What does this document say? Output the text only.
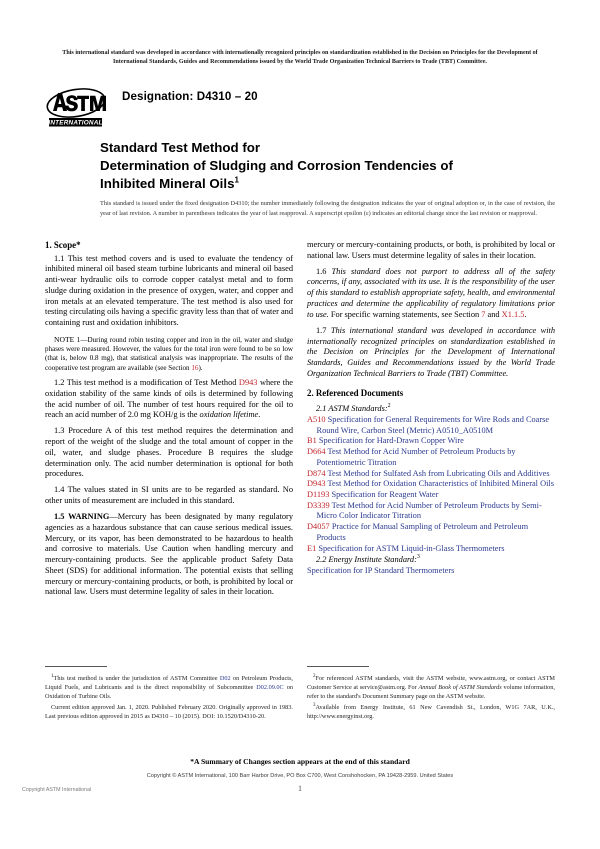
This international standard was developed in accordance with internationally recognized principles on standardization established in the Decision on Principles for the Development of International Standards, Guides and Recommendations issued by the World Trade Organization Technical Barriers to Trade (TBT) Committee.
INTERNATIONAL
Designation: D4310 – 20
Standard Test Method for
Determination of Sludging and Corrosion Tendencies of
Inhibited Mineral Oils$^1$
This standard is issued under the fixed designation D4310; the number immediately following the designation indicates the year of original adoption or, in the case of revision, the year of last revision. A number in parentheses indicates the year of last reapproval. A superscript epsilon (ε) indicates an editorial change since the last revision or reapproval.
1. Scope*

1.1 This test method covers and is used to evaluate the tendency of inhibited mineral oil based steam turbine lubricants and mineral oil based anti-wear hydraulic oils to corrode copper catalyst metal and to form sludge during oxidation in the presence of oxygen, water, and copper and iron metals at an elevated temperature. The test method is also used for testing circulating oils having a specific gravity less than that of water and containing rust and oxidation inhibitors.

NOTE 1—During round robin testing copper and iron in the oil, water and sludge phases were measured. However, the values for the total iron were found to be so low (that is, below 0.8 mg), that statistical analysis was inappropriate. The results of the cooperative test program are available (see Section 16).

1.2 This test method is a modification of Test Method D943 where the oxidation stability of the same kinds of oils is determined by following the acid number of oil. The number of test hours required for the oil to reach an acid number of 2.0 mg KOH/g is the oxidation lifetime.

1.3 Procedure A of this test method requires the determination and report of the weight of the sludge and the total amount of copper in the oil, water, and sludge phases. Procedure B requires the sludge determination only. The acid number determination is optional for both procedures.

1.4 The values stated in SI units are to be regarded as standard. No other units of measurement are included in this standard.

1.5 WARNING—Mercury has been designated by many regulatory agencies as a hazardous substance that can cause serious medical issues. Mercury, or its vapor, has been demonstrated to be hazardous to health and corrosive to materials. Use Caution when handling mercury and mercury-containing products. See the applicable product Safety Data Sheet (SDS) for additional information. The potential exists that selling mercury or mercury-containing products, or both, is prohibited by local or national law. Users must determine legality of sales in their location.

mercury or mercury-containing products, or both, is prohibited by local or national law. Users must determine legality of sales in their location.

1.6 This standard does not purport to address all of the safety concerns, if any, associated with its use. It is the responsibility of the user of this standard to establish appropriate safety, health, and environmental practices and determine the applicability of regulatory limitations prior to use. For specific warning statements, see Section 7 and X1.1.5.

1.7 This international standard was developed in accordance with internationally recognized principles on standardization established in the Decision on Principles for the Development of International Standards, Guides and Recommendations issued by the World Trade Organization Technical Barriers to Trade (TBT) Committee.

2. Referenced Documents

2.1 ASTM Standards:$^2$

A510 Specification for General Requirements for Wire Rods and Coarse Round Wire, Carbon Steel (Metric) A0510_A0510M
B1 Specification for Hard-Drawn Copper Wire
D664 Test Method for Acid Number of Petroleum Products by Potentiometric Titration
D874 Test Method for Sulfated Ash from Lubricating Oils and Additives
D943 Test Method for Oxidation Characteristics of Inhibited Mineral Oils
D1193 Specification for Reagent Water
D3339 Test Method for Acid Number of Petroleum Products by Semi-Micro Color Indicator Titration
D4057 Practice for Manual Sampling of Petroleum and Petroleum Products
E1 Specification for ASTM Liquid-in-Glass Thermometers

2.2 Energy Institute Standard:$^3$

Specification for IP Standard Thermometers

$^1$This test method is under the jurisdiction of ASTM Committee D02 on Petroleum Products, Liquid Fuels, and Lubricants and is the direct responsibility of Subcommittee D02.09.0C on Oxidation of Turbine Oils.

Current edition approved Jan. 1, 2020. Published February 2020. Originally approved in 1983. Last previous edition approved in 2015 as D4310 – 10 (2015). DOI: 10.1520/D4310-20.

$^2$For referenced ASTM standards, visit the ASTM website, www.astm.org, or contact ASTM Customer Service at service@astm.org. For Annual Book of ASTM Standards volume information, refer to the standard's Document Summary page on the ASTM website.

$^3$Available from Energy Institute, 61 New Cavendish St., London, W1G 7AR, U.K., http://www.energyinst.org.

*A Summary of Changes section appears at the end of this standard
Copyright © ASTM International, 100 Barr Harbor Drive, PO Box C700, West Conshohocken, PA 19428-2959. United States
Copyright ASTM International	1
